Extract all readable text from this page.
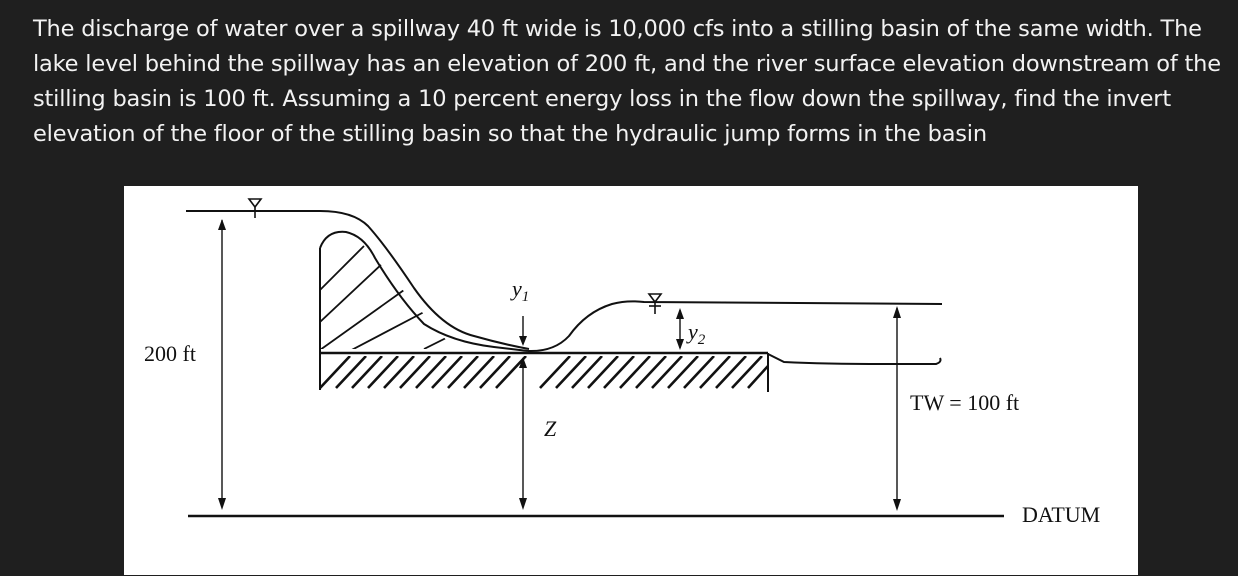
The discharge of water over a spillway 40 ft wide is 10,000 cfs into a stilling basin of the same width. The lake level behind the spillway has an elevation of 200 ft, and the river surface elevation downstream of the stilling basin is 100 ft. Assuming a 10 percent energy loss in the flow down the spillway, find the invert elevation of the floor of the stilling basin so that the hydraulic jump forms in the basin

200 ft
$y_1$
$y_2$
Z
TW = 100 ft
DATUM
